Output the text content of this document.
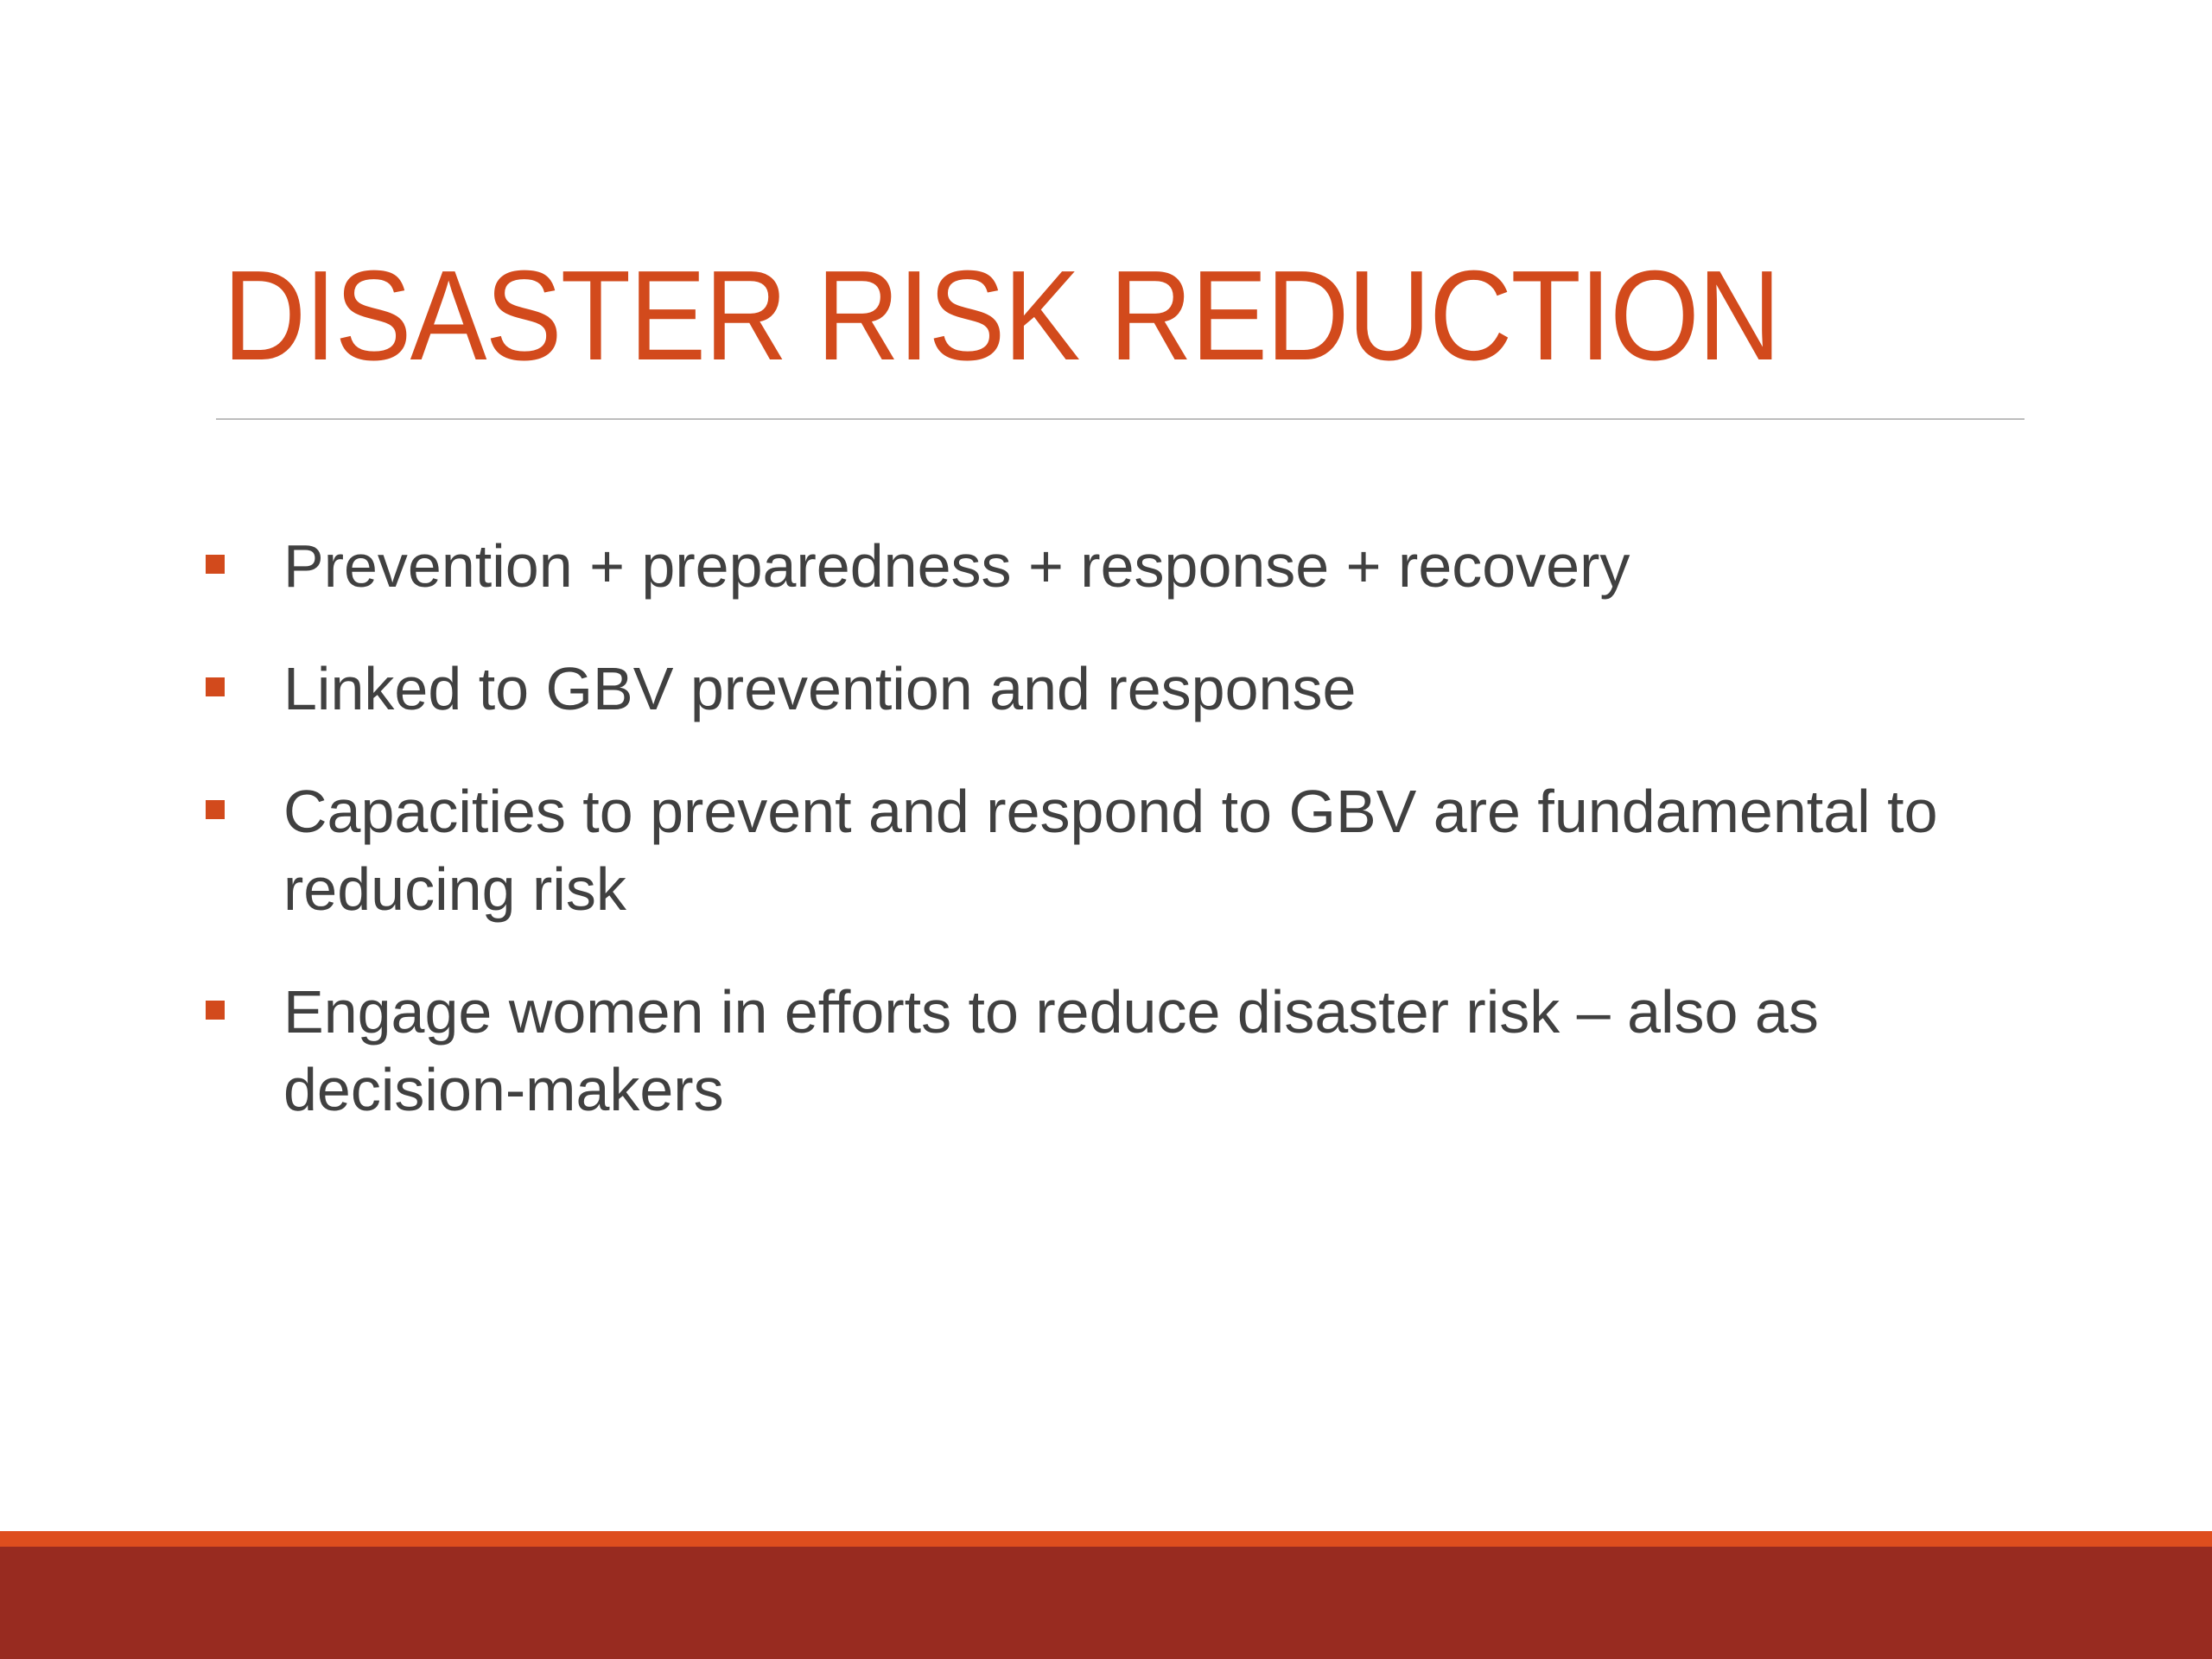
DISASTER RISK REDUCTION
Prevention + preparedness + response + recovery
Linked to GBV prevention and response
Capacities to prevent and respond to GBV are fundamental to reducing risk
Engage women in efforts to reduce disaster risk – also as decision-makers
